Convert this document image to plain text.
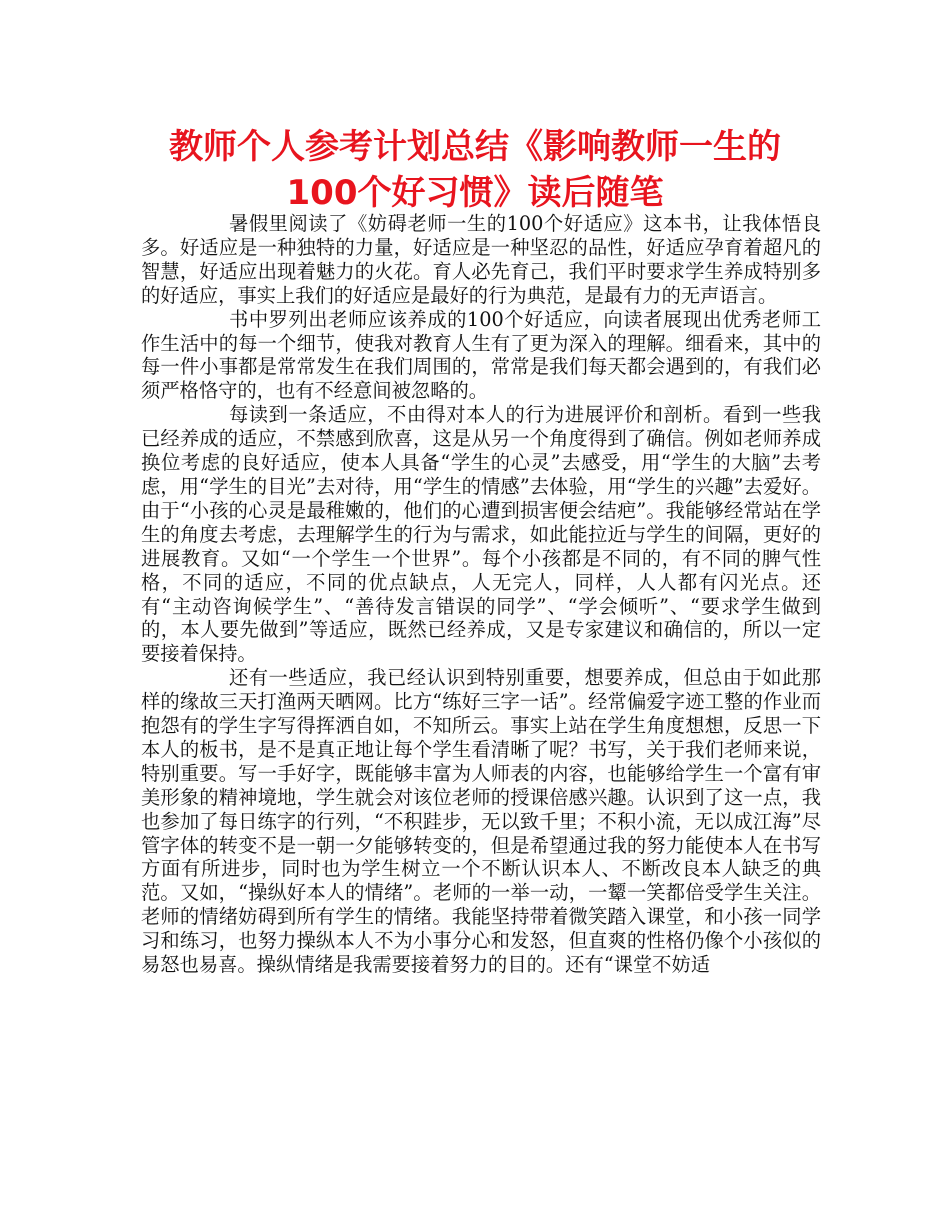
教师个人参考计划总结《影响教师一生的
100个好习惯》读后随笔

暑假里阅读了《妨碍老师一生的100个好适应》这本书，让我体悟良多。好适应是一种独特的力量，好适应是一种坚忍的品性，好适应孕育着超凡的智慧，好适应出现着魅力的火花。育人必先育己，我们平时要求学生养成特别多的好适应，事实上我们的好适应是最好的行为典范，是最有力的无声语言。

书中罗列出老师应该养成的100个好适应，向读者展现出优秀老师工作生活中的每一个细节，使我对教育人生有了更为深入的理解。细看来，其中的每一件小事都是常常发生在我们周围的，常常是我们每天都会遇到的，有我们必须严格恪守的，也有不经意间被忽略的。

每读到一条适应，不由得对本人的行为进展评价和剖析。看到一些我已经养成的适应，不禁感到欣喜，这是从另一个角度得到了确信。例如老师养成换位考虑的良好适应，使本人具备“学生的心灵”去感受，用“学生的大脑”去考虑，用“学生的目光”去对待，用“学生的情感”去体验，用“学生的兴趣”去爱好。由于“小孩的心灵是最稚嫩的，他们的心遭到损害便会结疤”。我能够经常站在学生的角度去考虑，去理解学生的行为与需求，如此能拉近与学生的间隔，更好的进展教育。又如“一个学生一个世界”。每个小孩都是不同的，有不同的脾气性格，不同的适应，不同的优点缺点，人无完人，同样，人人都有闪光点。还有“主动咨询候学生”、“善待发言错误的同学”、“学会倾听”、“要求学生做到的，本人要先做到”等适应，既然已经养成，又是专家建议和确信的，所以一定要接着保持。

还有一些适应，我已经认识到特别重要，想要养成，但总由于如此那样的缘故三天打渔两天晒网。比方“练好三字一话”。经常偏爱字迹工整的作业而抱怨有的学生字写得挥洒自如，不知所云。事实上站在学生角度想想，反思一下本人的板书，是不是真正地让每个学生看清晰了呢？书写，关于我们老师来说，特别重要。写一手好字，既能够丰富为人师表的内容，也能够给学生一个富有审美形象的精神境地，学生就会对该位老师的授课倍感兴趣。认识到了这一点，我也参加了每日练字的行列，“不积跬步，无以致千里；不积小流，无以成江海”尽管字体的转变不是一朝一夕能够转变的，但是希望通过我的努力能使本人在书写方面有所进步，同时也为学生树立一个不断认识本人、不断改良本人缺乏的典范。又如，“操纵好本人的情绪”。老师的一举一动，一颦一笑都倍受学生关注。老师的情绪妨碍到所有学生的情绪。我能坚持带着微笑踏入课堂，和小孩一同学习和练习，也努力操纵本人不为小事分心和发怒，但直爽的性格仍像个小孩似的易怒也易喜。操纵情绪是我需要接着努力的目的。还有“课堂不妨适
